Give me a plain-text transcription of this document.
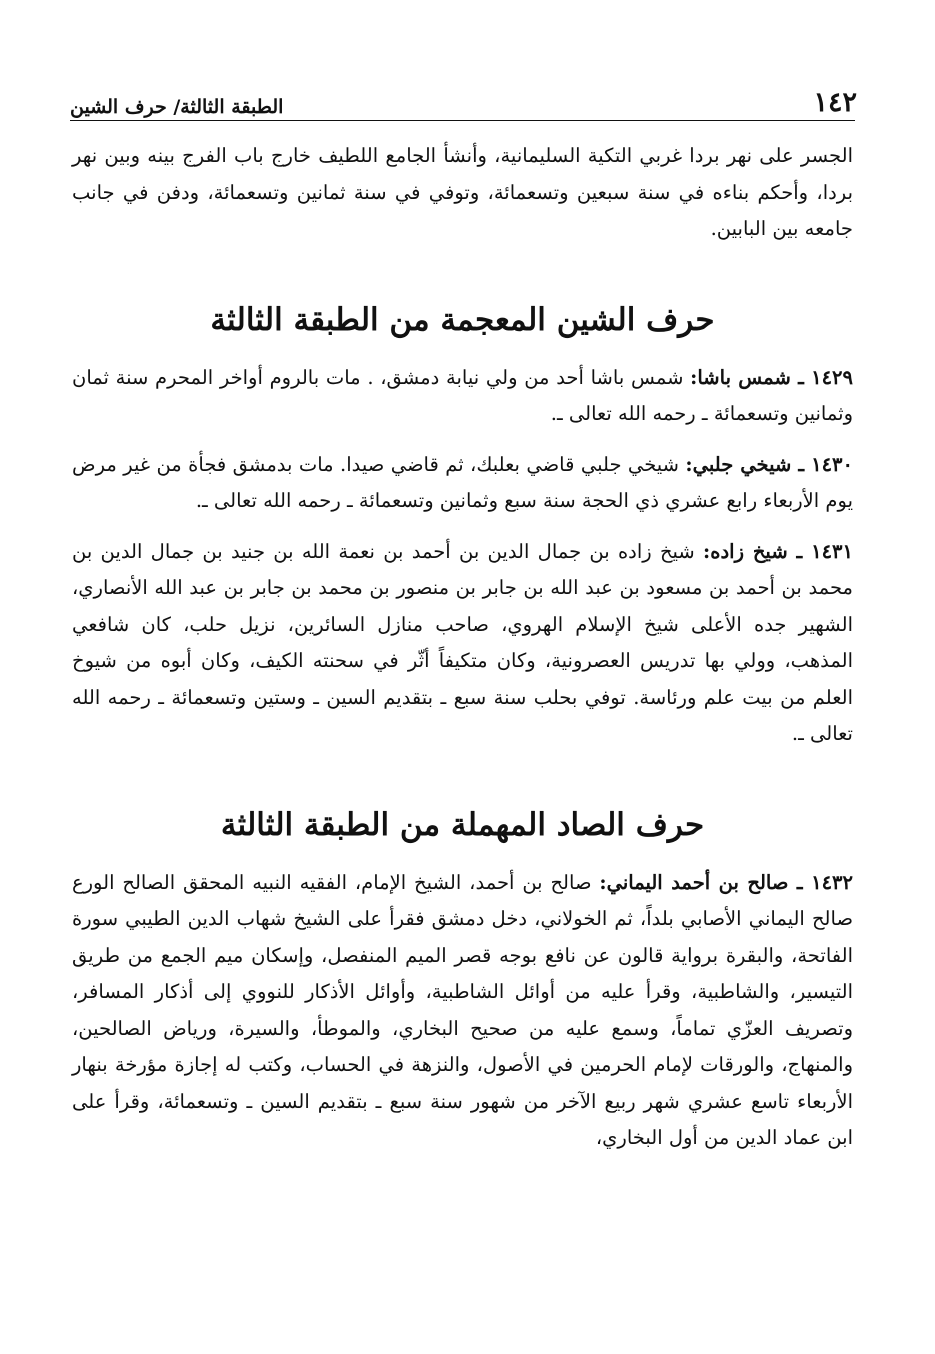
١٤٢
الطبقة الثالثة/ حرف الشين

الجسر على نهر بردا غربي التكية السليمانية، وأنشأ الجامع اللطيف خارج باب الفرج بينه وبين نهر بردا، وأحكم بناءه في سنة سبعين وتسعمائة، وتوفي في سنة ثمانين وتسعمائة، ودفن في جانب جامعه بين البابين.

حرف الشين المعجمة من الطبقة الثالثة

١٤٢٩ ـ شمس باشا: شمس باشا أحد من ولي نيابة دمشق، . مات بالروم أواخر المحرم سنة ثمان وثمانين وتسعمائة ـ رحمه الله تعالى ـ.

١٤٣٠ ـ شيخي جلبي: شيخي جلبي قاضي بعلبك، ثم قاضي صيدا. مات بدمشق فجأة من غير مرض يوم الأربعاء رابع عشري ذي الحجة سنة سبع وثمانين وتسعمائة ـ رحمه الله تعالى ـ.

١٤٣١ ـ شيخ زاده: شيخ زاده بن جمال الدين بن أحمد بن نعمة الله بن جنيد بن جمال الدين بن محمد بن أحمد بن مسعود بن عبد الله بن جابر بن منصور بن محمد بن جابر بن عبد الله الأنصاري، الشهير جده الأعلى شيخ الإسلام الهروي، صاحب منازل السائرين، نزيل حلب، كان شافعي المذهب، وولي بها تدريس العصرونية، وكان متكيفاً أثّر في سحنته الكيف، وكان أبوه من شيوخ العلم من بيت علم ورئاسة. توفي بحلب سنة سبع ـ بتقديم السين ـ وستين وتسعمائة ـ رحمه الله تعالى ـ.

حرف الصاد المهملة من الطبقة الثالثة

١٤٣٢ ـ صالح بن أحمد اليماني: صالح بن أحمد، الشيخ الإمام، الفقيه النبيه المحقق الصالح الورع صالح اليماني الأصابي بلداً، ثم الخولاني، دخل دمشق فقرأ على الشيخ شهاب الدين الطيبي سورة الفاتحة، والبقرة برواية قالون عن نافع بوجه قصر الميم المنفصل، وإسكان ميم الجمع من طريق التيسير، والشاطبية، وقرأ عليه من أوائل الشاطبية، وأوائل الأذكار للنووي إلى أذكار المسافر، وتصريف العزّي تماماً، وسمع عليه من صحيح البخاري، والموطأ، والسيرة، ورياض الصالحين، والمنهاج، والورقات لإمام الحرمين في الأصول، والنزهة في الحساب، وكتب له إجازة مؤرخة بنهار الأربعاء تاسع عشري شهر ربيع الآخر من شهور سنة سبع ـ بتقديم السين ـ وتسعمائة، وقرأ على ابن عماد الدين من أول البخاري،
